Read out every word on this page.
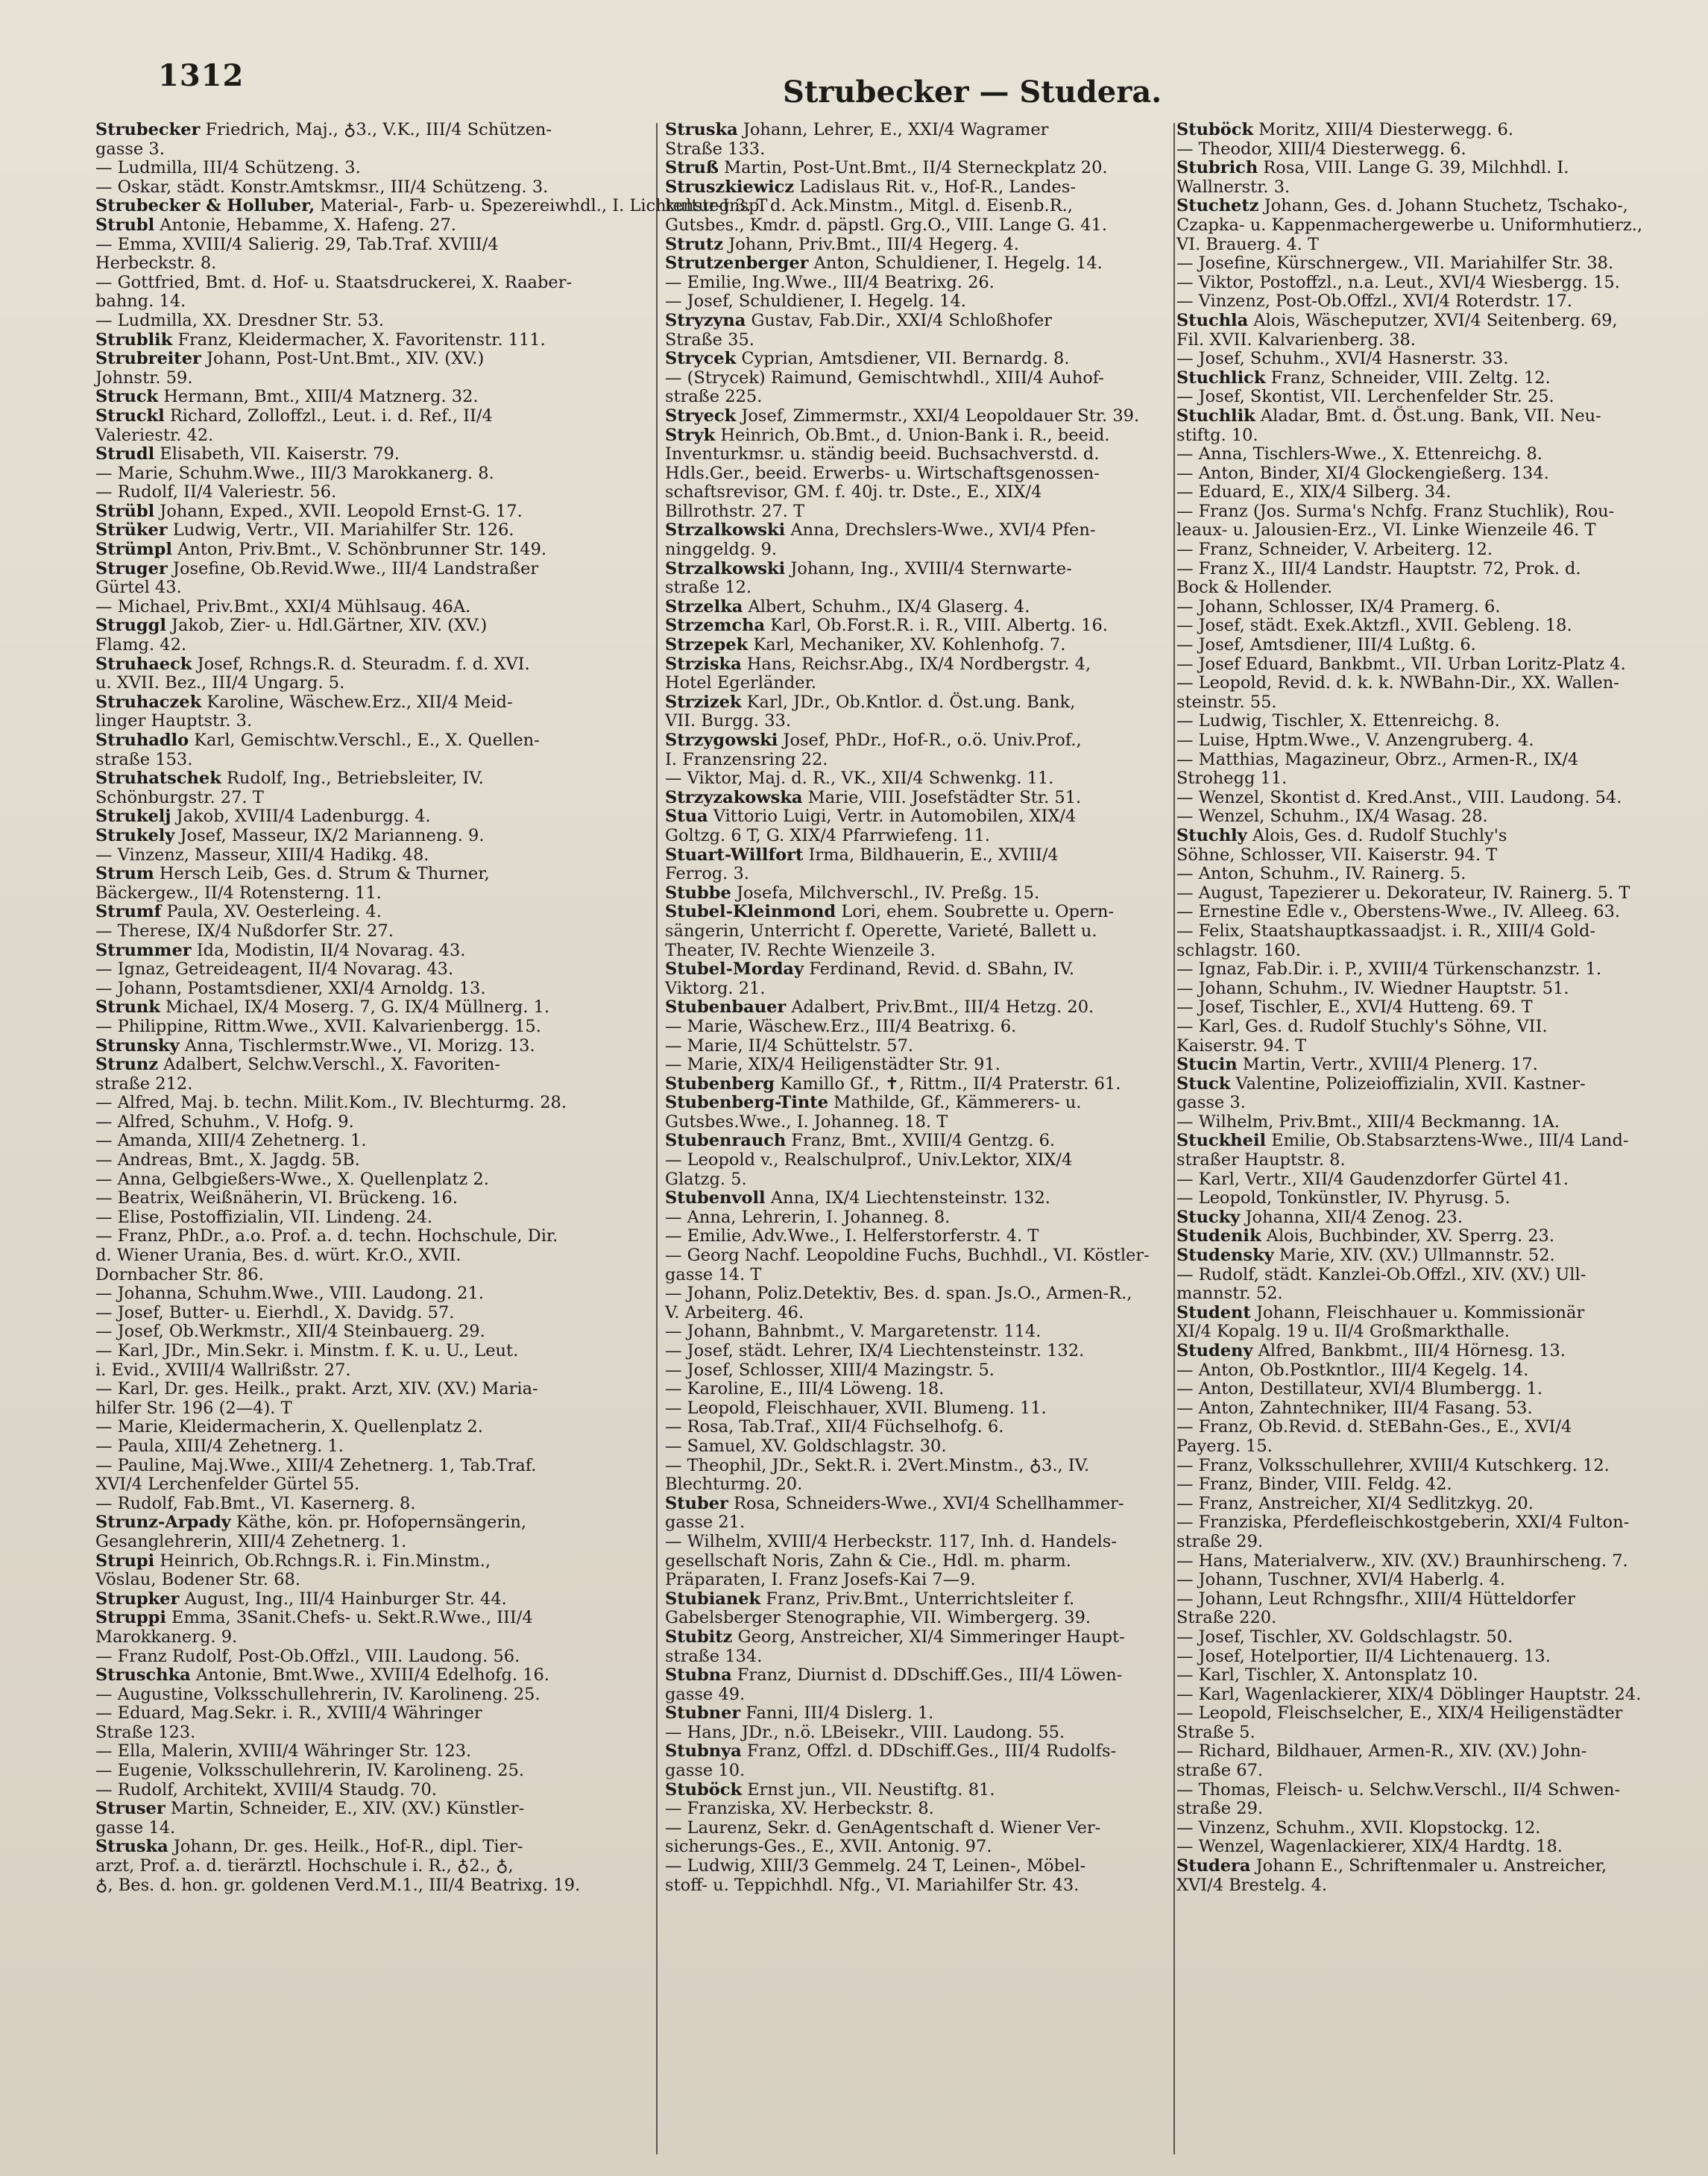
1312	Strubecker — Studera.

Strubecker Friedrich, Maj., ♁3., V.K., III/4 Schützen-

gasse 3.

— Ludmilla, III/4 Schützeng. 3.

— Oskar, städt. Konstr.Amtskmsr., III/4 Schützeng. 3.

Strubecker & Holluber, Material-, Farb- u. Spezereiwhdl., I. Lichtensteg 3. T

Strubl Antonie, Hebamme, X. Hafeng. 27.

— Emma, XVIII/4 Salierig. 29, Tab.Traf. XVIII/4

Herbeckstr. 8.

— Gottfried, Bmt. d. Hof- u. Staatsdruckerei, X. Raaber-

bahng. 14.

— Ludmilla, XX. Dresdner Str. 53.

Strublik Franz, Kleidermacher, X. Favoritenstr. 111.

Strubreiter Johann, Post-Unt.Bmt., XIV. (XV.)

Johnstr. 59.

Struck Hermann, Bmt., XIII/4 Matznerg. 32.

Struckl Richard, Zolloffzl., Leut. i. d. Ref., II/4

Valeriestr. 42.

Strudl Elisabeth, VII. Kaiserstr. 79.

— Marie, Schuhm.Wwe., III/3 Marokkanerg. 8.

— Rudolf, II/4 Valeriestr. 56.

Strübl Johann, Exped., XVII. Leopold Ernst-G. 17.

Strüker Ludwig, Vertr., VII. Mariahilfer Str. 126.

Strümpl Anton, Priv.Bmt., V. Schönbrunner Str. 149.

Struger Josefine, Ob.Revid.Wwe., III/4 Landstraßer

Gürtel 43.

— Michael, Priv.Bmt., XXI/4 Mühlsaug. 46A.

Struggl Jakob, Zier- u. Hdl.Gärtner, XIV. (XV.)

Flamg. 42.

Struhaeck Josef, Rchngs.R. d. Steuradm. f. d. XVI.

u. XVII. Bez., III/4 Ungarg. 5.

Struhaczek Karoline, Wäschew.Erz., XII/4 Meid-

linger Hauptstr. 3.

Struhadlo Karl, Gemischtw.Verschl., E., X. Quellen-

straße 153.

Struhatschek Rudolf, Ing., Betriebsleiter, IV.

Schönburgstr. 27. T

Strukelj Jakob, XVIII/4 Ladenburgg. 4.

Strukely Josef, Masseur, IX/2 Marianneng. 9.

— Vinzenz, Masseur, XIII/4 Hadikg. 48.

Strum Hersch Leib, Ges. d. Strum & Thurner,

Bäckergew., II/4 Rotensterng. 11.

Strumf Paula, XV. Oesterleing. 4.

— Therese, IX/4 Nußdorfer Str. 27.

Strummer Ida, Modistin, II/4 Novarag. 43.

— Ignaz, Getreideagent, II/4 Novarag. 43.

— Johann, Postamtsdiener, XXI/4 Arnoldg. 13.

Strunk Michael, IX/4 Moserg. 7, G. IX/4 Müllnerg. 1.

— Philippine, Rittm.Wwe., XVII. Kalvarienbergg. 15.

Strunsky Anna, Tischlermstr.Wwe., VI. Morizg. 13.

Strunz Adalbert, Selchw.Verschl., X. Favoriten-

straße 212.

— Alfred, Maj. b. techn. Milit.Kom., IV. Blechturmg. 28.

— Alfred, Schuhm., V. Hofg. 9.

— Amanda, XIII/4 Zehetnerg. 1.

— Andreas, Bmt., X. Jagdg. 5B.

— Anna, Gelbgießers-Wwe., X. Quellenplatz 2.

— Beatrix, Weißnäherin, VI. Brückeng. 16.

— Elise, Postoffizialin, VII. Lindeng. 24.

— Franz, PhDr., a.o. Prof. a. d. techn. Hochschule, Dir.

d. Wiener Urania, Bes. d. würt. Kr.O., XVII.

Dornbacher Str. 86.

— Johanna, Schuhm.Wwe., VIII. Laudong. 21.

— Josef, Butter- u. Eierhdl., X. Davidg. 57.

— Josef, Ob.Werkmstr., XII/4 Steinbauerg. 29.

— Karl, JDr., Min.Sekr. i. Minstm. f. K. u. U., Leut.

i. Evid., XVIII/4 Wallrißstr. 27.

— Karl, Dr. ges. Heilk., prakt. Arzt, XIV. (XV.) Maria-

hilfer Str. 196 (2—4). T

— Marie, Kleidermacherin, X. Quellenplatz 2.

— Paula, XIII/4 Zehetnerg. 1.

— Pauline, Maj.Wwe., XIII/4 Zehetnerg. 1, Tab.Traf.

XVI/4 Lerchenfelder Gürtel 55.

— Rudolf, Fab.Bmt., VI. Kasernerg. 8.

Strunz-Arpady Käthe, kön. pr. Hofopernsängerin,

Gesanglehrerin, XIII/4 Zehetnerg. 1.

Strupi Heinrich, Ob.Rchngs.R. i. Fin.Minstm.,

Vöslau, Bodener Str. 68.

Strupker August, Ing., III/4 Hainburger Str. 44.

Struppi Emma, 3Sanit.Chefs- u. Sekt.R.Wwe., III/4

Marokkanerg. 9.

— Franz Rudolf, Post-Ob.Offzl., VIII. Laudong. 56.

Struschka Antonie, Bmt.Wwe., XVIII/4 Edelhofg. 16.

— Augustine, Volksschullehrerin, IV. Karolineng. 25.

— Eduard, Mag.Sekr. i. R., XVIII/4 Währinger

Straße 123.

— Ella, Malerin, XVIII/4 Währinger Str. 123.

— Eugenie, Volksschullehrerin, IV. Karolineng. 25.

— Rudolf, Architekt, XVIII/4 Staudg. 70.

Struser Martin, Schneider, E., XIV. (XV.) Künstler-

gasse 14.

Struska Johann, Dr. ges. Heilk., Hof-R., dipl. Tier-

arzt, Prof. a. d. tierärztl. Hochschule i. R., ♁2., ♁,

♁, Bes. d. hon. gr. goldenen Verd.M.1., III/4 Beatrixg. 19.

Struska Johann, Lehrer, E., XXI/4 Wagramer

Straße 133.

Struß Martin, Post-Unt.Bmt., II/4 Sterneckplatz 20.

Struszkiewicz Ladislaus Rit. v., Hof-R., Landes-

kultur-Insp. d. Ack.Minstm., Mitgl. d. Eisenb.R.,

Gutsbes., Kmdr. d. päpstl. Grg.O., VIII. Lange G. 41.

Strutz Johann, Priv.Bmt., III/4 Hegerg. 4.

Strutzenberger Anton, Schuldiener, I. Hegelg. 14.

— Emilie, Ing.Wwe., III/4 Beatrixg. 26.

— Josef, Schuldiener, I. Hegelg. 14.

Stryzyna Gustav, Fab.Dir., XXI/4 Schloßhofer

Straße 35.

Strycek Cyprian, Amtsdiener, VII. Bernardg. 8.

— (Strycek) Raimund, Gemischtwhdl., XIII/4 Auhof-

straße 225.

Stryeck Josef, Zimmermstr., XXI/4 Leopoldauer Str. 39.

Stryk Heinrich, Ob.Bmt., d. Union-Bank i. R., beeid.

Inventurkmsr. u. ständig beeid. Buchsachverstd. d.

Hdls.Ger., beeid. Erwerbs- u. Wirtschaftsgenossen-

schaftsrevisor, GM. f. 40j. tr. Dste., E., XIX/4

Billrothstr. 27. T

Strzalkowski Anna, Drechslers-Wwe., XVI/4 Pfen-

ninggeldg. 9.

Strzalkowski Johann, Ing., XVIII/4 Sternwarte-

straße 12.

Strzelka Albert, Schuhm., IX/4 Glaserg. 4.

Strzemcha Karl, Ob.Forst.R. i. R., VIII. Albertg. 16.

Strzepek Karl, Mechaniker, XV. Kohlenhofg. 7.

Strziska Hans, Reichsr.Abg., IX/4 Nordbergstr. 4,

Hotel Egerländer.

Strzizek Karl, JDr., Ob.Kntlor. d. Öst.ung. Bank,

VII. Burgg. 33.

Strzygowski Josef, PhDr., Hof-R., o.ö. Univ.Prof.,

I. Franzensring 22.

— Viktor, Maj. d. R., VK., XII/4 Schwenkg. 11.

Strzyzakowska Marie, VIII. Josefstädter Str. 51.

Stua Vittorio Luigi, Vertr. in Automobilen, XIX/4

Goltzg. 6 T, G. XIX/4 Pfarrwiefeng. 11.

Stuart-Willfort Irma, Bildhauerin, E., XVIII/4

Ferrog. 3.

Stubbe Josefa, Milchverschl., IV. Preßg. 15.

Stubel-Kleinmond Lori, ehem. Soubrette u. Opern-

sängerin, Unterricht f. Operette, Varieté, Ballett u.

Theater, IV. Rechte Wienzeile 3.

Stubel-Morday Ferdinand, Revid. d. SBahn, IV.

Viktorg. 21.

Stubenbauer Adalbert, Priv.Bmt., III/4 Hetzg. 20.

— Marie, Wäschew.Erz., III/4 Beatrixg. 6.

— Marie, II/4 Schüttelstr. 57.

— Marie, XIX/4 Heiligenstädter Str. 91.

Stubenberg Kamillo Gf., ✝, Rittm., II/4 Praterstr. 61.

Stubenberg-Tinte Mathilde, Gf., Kämmerers- u.

Gutsbes.Wwe., I. Johanneg. 18. T

Stubenrauch Franz, Bmt., XVIII/4 Gentzg. 6.

— Leopold v., Realschulprof., Univ.Lektor, XIX/4

Glatzg. 5.

Stubenvoll Anna, IX/4 Liechtensteinstr. 132.

— Anna, Lehrerin, I. Johanneg. 8.

— Emilie, Adv.Wwe., I. Helferstorferstr. 4. T

— Georg Nachf. Leopoldine Fuchs, Buchhdl., VI. Köstler-

gasse 14. T

— Johann, Poliz.Detektiv, Bes. d. span. Js.O., Armen-R.,

V. Arbeiterg. 46.

— Johann, Bahnbmt., V. Margaretenstr. 114.

— Josef, städt. Lehrer, IX/4 Liechtensteinstr. 132.

— Josef, Schlosser, XIII/4 Mazingstr. 5.

— Karoline, E., III/4 Löweng. 18.

— Leopold, Fleischhauer, XVII. Blumeng. 11.

— Rosa, Tab.Traf., XII/4 Füchselhofg. 6.

— Samuel, XV. Goldschlagstr. 30.

— Theophil, JDr., Sekt.R. i. 2Vert.Minstm., ♁3., IV.

Blechturmg. 20.

Stuber Rosa, Schneiders-Wwe., XVI/4 Schellhammer-

gasse 21.

— Wilhelm, XVIII/4 Herbeckstr. 117, Inh. d. Handels-

gesellschaft Noris, Zahn & Cie., Hdl. m. pharm.

Präparaten, I. Franz Josefs-Kai 7—9.

Stubianek Franz, Priv.Bmt., Unterrichtsleiter f.

Gabelsberger Stenographie, VII. Wimbergerg. 39.

Stubitz Georg, Anstreicher, XI/4 Simmeringer Haupt-

straße 134.

Stubna Franz, Diurnist d. DDschiff.Ges., III/4 Löwen-

gasse 49.

Stubner Fanni, III/4 Dislerg. 1.

— Hans, JDr., n.ö. LBeisekr., VIII. Laudong. 55.

Stubnya Franz, Offzl. d. DDschiff.Ges., III/4 Rudolfs-

gasse 10.

Stuböck Ernst jun., VII. Neustiftg. 81.

— Franziska, XV. Herbeckstr. 8.

— Laurenz, Sekr. d. GenAgentschaft d. Wiener Ver-

sicherungs-Ges., E., XVII. Antonig. 97.

— Ludwig, XIII/3 Gemmelg. 24 T, Leinen-, Möbel-

stoff- u. Teppichhdl. Nfg., VI. Mariahilfer Str. 43.

Stuböck Moritz, XIII/4 Diesterwegg. 6.

— Theodor, XIII/4 Diesterwegg. 6.

Stubrich Rosa, VIII. Lange G. 39, Milchhdl. I.

Wallnerstr. 3.

Stuchetz Johann, Ges. d. Johann Stuchetz, Tschako-,

Czapka- u. Kappenmachergewerbe u. Uniformhutierz.,

VI. Brauerg. 4. T

— Josefine, Kürschnergew., VII. Mariahilfer Str. 38.

— Viktor, Postoffzl., n.a. Leut., XVI/4 Wiesbergg. 15.

— Vinzenz, Post-Ob.Offzl., XVI/4 Roterdstr. 17.

Stuchla Alois, Wäscheputzer, XVI/4 Seitenberg. 69,

Fil. XVII. Kalvarienberg. 38.

— Josef, Schuhm., XVI/4 Hasnerstr. 33.

Stuchlick Franz, Schneider, VIII. Zeltg. 12.

— Josef, Skontist, VII. Lerchenfelder Str. 25.

Stuchlik Aladar, Bmt. d. Öst.ung. Bank, VII. Neu-

stiftg. 10.

— Anna, Tischlers-Wwe., X. Ettenreichg. 8.

— Anton, Binder, XI/4 Glockengießerg. 134.

— Eduard, E., XIX/4 Silberg. 34.

— Franz (Jos. Surma's Nchfg. Franz Stuchlik), Rou-

leaux- u. Jalousien-Erz., VI. Linke Wienzeile 46. T

— Franz, Schneider, V. Arbeiterg. 12.

— Franz X., III/4 Landstr. Hauptstr. 72, Prok. d.

Bock & Hollender.

— Johann, Schlosser, IX/4 Pramerg. 6.

— Josef, städt. Exek.Aktzfl., XVII. Gebleng. 18.

— Josef, Amtsdiener, III/4 Lußtg. 6.

— Josef Eduard, Bankbmt., VII. Urban Loritz-Platz 4.

— Leopold, Revid. d. k. k. NWBahn-Dir., XX. Wallen-

steinstr. 55.

— Ludwig, Tischler, X. Ettenreichg. 8.

— Luise, Hptm.Wwe., V. Anzengruberg. 4.

— Matthias, Magazineur, Obrz., Armen-R., IX/4

Strohegg 11.

— Wenzel, Skontist d. Kred.Anst., VIII. Laudong. 54.

— Wenzel, Schuhm., IX/4 Wasag. 28.

Stuchly Alois, Ges. d. Rudolf Stuchly's

Söhne, Schlosser, VII. Kaiserstr. 94. T

— Anton, Schuhm., IV. Rainerg. 5.

— August, Tapezierer u. Dekorateur, IV. Rainerg. 5. T

— Ernestine Edle v., Oberstens-Wwe., IV. Alleeg. 63.

— Felix, Staatshauptkassaadjst. i. R., XIII/4 Gold-

schlagstr. 160.

— Ignaz, Fab.Dir. i. P., XVIII/4 Türkenschanzstr. 1.

— Johann, Schuhm., IV. Wiedner Hauptstr. 51.

— Josef, Tischler, E., XVI/4 Hutteng. 69. T

— Karl, Ges. d. Rudolf Stuchly's Söhne, VII.

Kaiserstr. 94. T

Stucin Martin, Vertr., XVIII/4 Plenerg. 17.

Stuck Valentine, Polizeioffizialin, XVII. Kastner-

gasse 3.

— Wilhelm, Priv.Bmt., XIII/4 Beckmanng. 1A.

Stuckheil Emilie, Ob.Stabsarztens-Wwe., III/4 Land-

straßer Hauptstr. 8.

— Karl, Vertr., XII/4 Gaudenzdorfer Gürtel 41.

— Leopold, Tonkünstler, IV. Phyrusg. 5.

Stucky Johanna, XII/4 Zenog. 23.

Studenik Alois, Buchbinder, XV. Sperrg. 23.

Studensky Marie, XIV. (XV.) Ullmannstr. 52.

— Rudolf, städt. Kanzlei-Ob.Offzl., XIV. (XV.) Ull-

mannstr. 52.

Student Johann, Fleischhauer u. Kommissionär

XI/4 Kopalg. 19 u. II/4 Großmarkthalle.

Studeny Alfred, Bankbmt., III/4 Hörnesg. 13.

— Anton, Ob.Postkntlor., III/4 Kegelg. 14.

— Anton, Destillateur, XVI/4 Blumbergg. 1.

— Anton, Zahntechniker, III/4 Fasang. 53.

— Franz, Ob.Revid. d. StEBahn-Ges., E., XVI/4

Payerg. 15.

— Franz, Volksschullehrer, XVIII/4 Kutschkerg. 12.

— Franz, Binder, VIII. Feldg. 42.

— Franz, Anstreicher, XI/4 Sedlitzkyg. 20.

— Franziska, Pferdefleischkostgeberin, XXI/4 Fulton-

straße 29.

— Hans, Materialverw., XIV. (XV.) Braunhirscheng. 7.

— Johann, Tuschner, XVI/4 Haberlg. 4.

— Johann, Leut Rchngsfhr., XIII/4 Hütteldorfer

Straße 220.

— Josef, Tischler, XV. Goldschlagstr. 50.

— Josef, Hotelportier, II/4 Lichtenauerg. 13.

— Karl, Tischler, X. Antonsplatz 10.

— Karl, Wagenlackierer, XIX/4 Döblinger Hauptstr. 24.

— Leopold, Fleischselcher, E., XIX/4 Heiligenstädter

Straße 5.

— Richard, Bildhauer, Armen-R., XIV. (XV.) John-

straße 67.

— Thomas, Fleisch- u. Selchw.Verschl., II/4 Schwen-

straße 29.

— Vinzenz, Schuhm., XVII. Klopstockg. 12.

— Wenzel, Wagenlackierer, XIX/4 Hardtg. 18.

Studera Johann E., Schriftenmaler u. Anstreicher,

XVI/4 Brestelg. 4.
